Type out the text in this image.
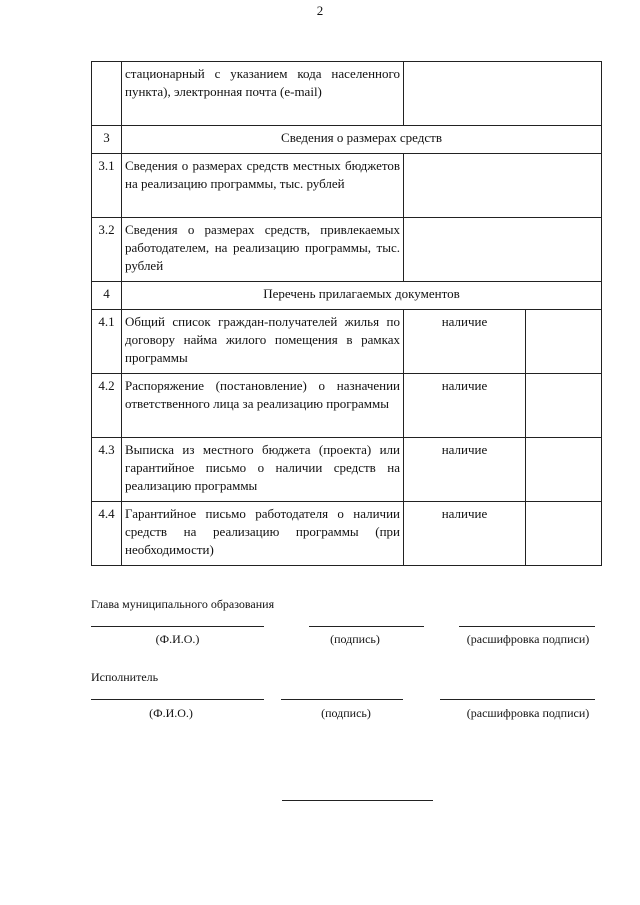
2
	стационарный с указанием кода населенного пункта), электронная почта (e-mail)		
3	Сведения о размерах средств		
3.1	Сведения о размерах средств местных бюджетов на реализацию программы, тыс. рублей		
3.2	Сведения о размерах средств, привлекаемых работодателем, на реализацию программы, тыс. рублей		
4	Перечень прилагаемых документов		
4.1	Общий список граждан-получателей жилья по договору найма жилого помещения в рамках программы	наличие	
4.2	Распоряжение (постановление) о назначении ответственного лица за реализацию программы	наличие	
4.3	Выписка из местного бюджета (проекта) или гарантийное письмо о наличии средств на реализацию программы	наличие	
4.4	Гарантийное письмо работодателя о наличии средств на реализацию программы (при необходимости)	наличие	
Глава муниципального образования
(Ф.И.О.)	(подпись)	(расшифровка подписи)
Исполнитель
(Ф.И.О.)	(подпись)	(расшифровка подписи)
